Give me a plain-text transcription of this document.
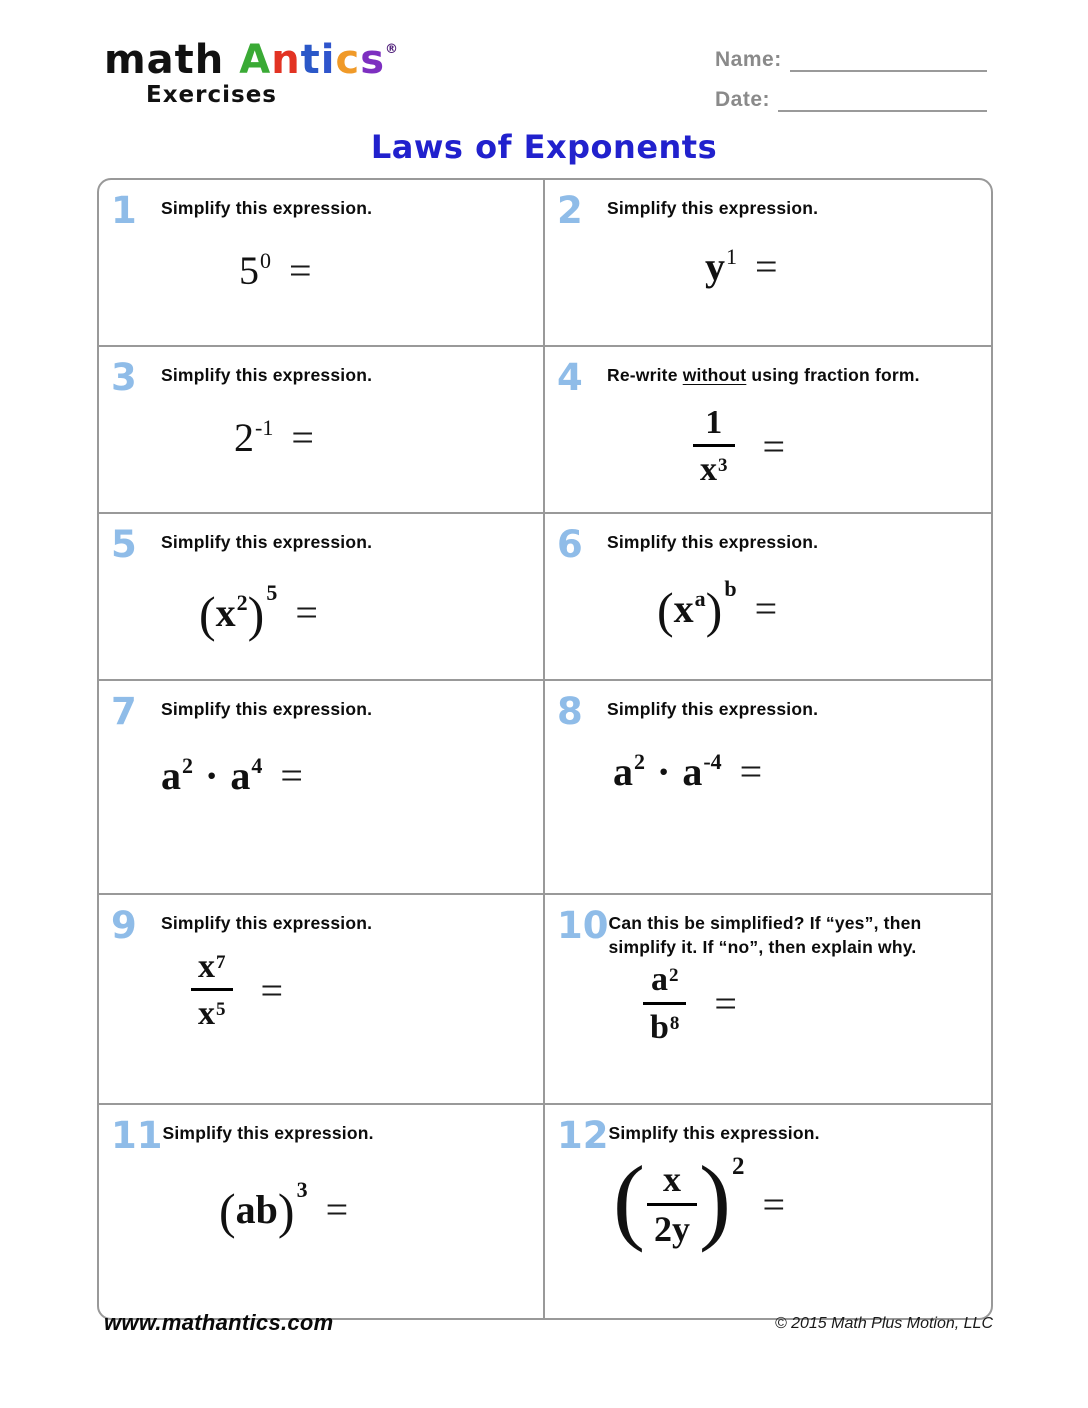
math Antics®
Exercises
Name:
Date:
Laws of Exponents
1	Simplify this expression.
$5^0$ =
2	Simplify this expression.
$y^1$ =
3	Simplify this expression.
$2^{-1}$ =
4	Re-write without using fraction form.
$\frac{1}{x^3}$ =
5	Simplify this expression.
$(x^2)^5$ =
6	Simplify this expression.
$(x^a)^b$ =
7	Simplify this expression.
$a^2 \cdot a^4$ =
8	Simplify this expression.
$a^2 \cdot a^{-4}$ =
9	Simplify this expression.
$\frac{x^7}{x^5}$ =
10 Can this be simplified? If “yes”, then simplify it. If “no”, then explain why.
$\frac{a^2}{b^8}$ =
11 Simplify this expression.
(ab)$^3$ =
12 Simplify this expression.
( $\frac{x}{2y} )^2=$
www.mathantics.com	© 2015 Math Plus Motion, LLC
